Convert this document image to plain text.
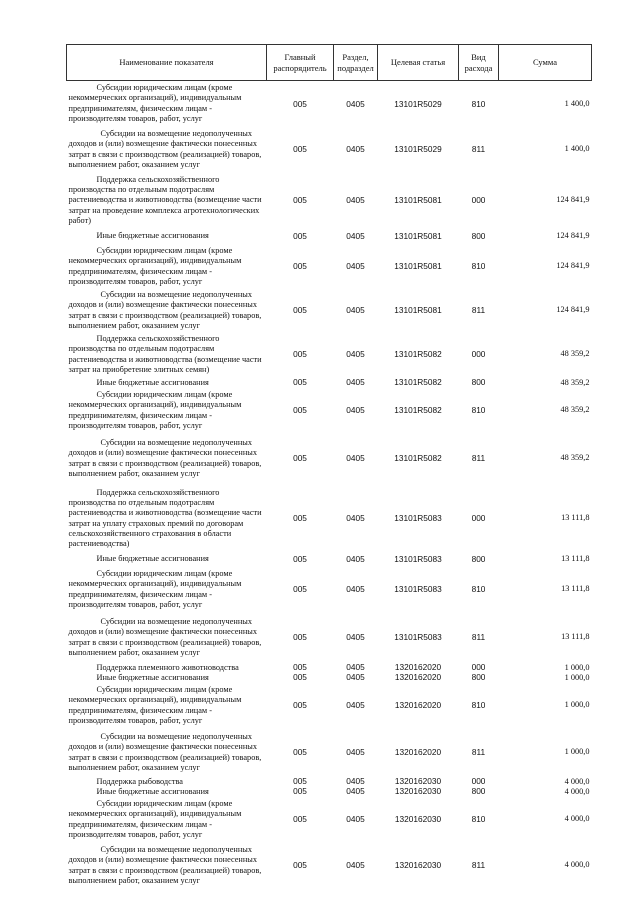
Наименование показателя	Главный распорядитель	Раздел, подраздел	Целевая статья	Вид расхода	Сумма
Субсидии юридическим лицам (кроме некоммерческих организаций), индивидуальным предпринимателям, физическим лицам - производителям товаров, работ, услуг	005	0405	13101R5029	810	1 400,0
Субсидии на возмещение недополученных доходов и (или) возмещение фактически понесенных затрат в связи с производством (реализацией) товаров, выполнением работ, оказанием услуг	005	0405	13101R5029	811	1 400,0
Поддержка сельскохозяйственного производства по отдельным подотраслям растениеводства и животноводства (возмещение части затрат на проведение комплекса агротехнологических работ)	005	0405	13101R5081	000	124 841,9
Иные бюджетные ассигнования	005	0405	13101R5081	800	124 841,9
Субсидии юридическим лицам (кроме некоммерческих организаций), индивидуальным предпринимателям, физическим лицам - производителям товаров, работ, услуг	005	0405	13101R5081	810	124 841,9
Субсидии на возмещение недополученных доходов и (или) возмещение фактически понесенных затрат в связи с производством (реализацией) товаров, выполнением работ, оказанием услуг	005	0405	13101R5081	811	124 841,9
Поддержка сельскохозяйственного производства по отдельным подотраслям растениеводства и животноводства (возмещение части затрат на приобретение элитных семян)	005	0405	13101R5082	000	48 359,2
Иные бюджетные ассигнования	005	0405	13101R5082	800	48 359,2
Субсидии юридическим лицам (кроме некоммерческих организаций), индивидуальным предпринимателям, физическим лицам - производителям товаров, работ, услуг	005	0405	13101R5082	810	48 359,2
Субсидии на возмещение недополученных доходов и (или) возмещение фактически понесенных затрат в связи с производством (реализацией) товаров, выполнением работ, оказанием услуг	005	0405	13101R5082	811	48 359,2
Поддержка сельскохозяйственного производства по отдельным подотраслям растениеводства и животноводства (возмещение части затрат на уплату страховых премий по договорам сельскохозяйственного страхования в области растениеводства)	005	0405	13101R5083	000	13 111,8
Иные бюджетные ассигнования	005	0405	13101R5083	800	13 111,8
Субсидии юридическим лицам (кроме некоммерческих организаций), индивидуальным предпринимателям, физическим лицам - производителям товаров, работ, услуг	005	0405	13101R5083	810	13 111,8
Субсидии на возмещение недополученных доходов и (или) возмещение фактически понесенных затрат в связи с производством (реализацией) товаров, выполнением работ, оказанием услуг	005	0405	13101R5083	811	13 111,8
Поддержка племенного животноводства	005	0405	1320162020	000	1 000,0
Иные бюджетные ассигнования	005	0405	1320162020	800	1 000,0
Субсидии юридическим лицам (кроме некоммерческих организаций), индивидуальным предпринимателям, физическим лицам - производителям товаров, работ, услуг	005	0405	1320162020	810	1 000,0
Субсидии на возмещение недополученных доходов и (или) возмещение фактически понесенных затрат в связи с производством (реализацией) товаров, выполнением работ, оказанием услуг	005	0405	1320162020	811	1 000,0
Поддержка рыбоводства	005	0405	1320162030	000	4 000,0
Иные бюджетные ассигнования	005	0405	1320162030	800	4 000,0
Субсидии юридическим лицам (кроме некоммерческих организаций), индивидуальным предпринимателям, физическим лицам - производителям товаров, работ, услуг	005	0405	1320162030	810	4 000,0
Субсидии на возмещение недополученных доходов и (или) возмещение фактически понесенных затрат в связи с производством (реализацией) товаров, выполнением работ, оказанием услуг	005	0405	1320162030	811	4 000,0
